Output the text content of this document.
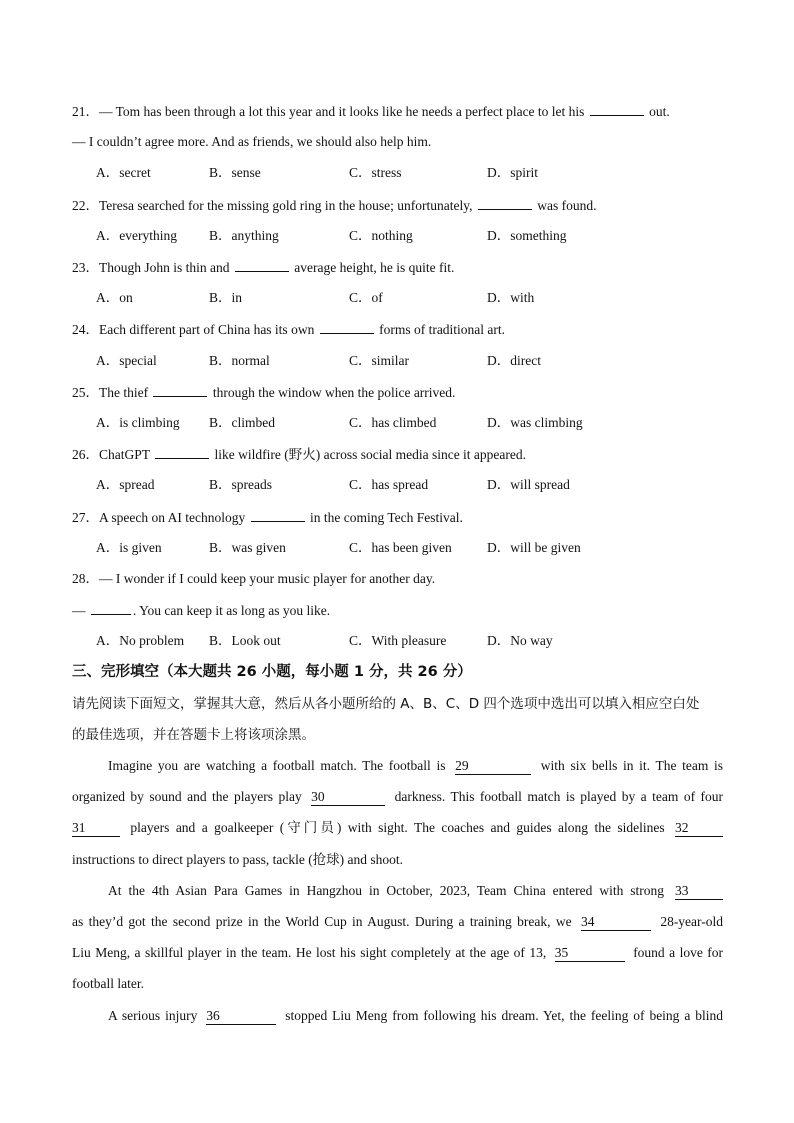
21．— Tom has been through a lot this year and it looks like he needs a perfect place to let his	out.
— I couldn’t agree more. And as friends, we should also help him.
A．secret	B．sense	C．stress	D．spirit
22．Teresa searched for the missing gold ring in the house; unfortunately,	was found.
A．everything B．anything	C．nothing	D．something
23．Though John is thin and	average height, he is quite fit.
A．on	B．in	C．of	D．with
24．Each different part of China has its own	forms of traditional art.
A．special	B．normal	C．similar	D．direct
25．The thief	through the window when the police arrived.
A．is climbing B．climbed	C．has climbed	D．was climbing
26．ChatGPT	like wildfire (野火) across social media since it appeared.
A．spread	B．spreads	C．has spread	D．will spread
27．A speech on AI technology	in the coming Tech Festival.
A．is given	B．was given	C．has been given	D．will be given
28．— I wonder if I could keep your music player for another day.
—	. You can keep it as long as you like.
A．No problem B．Look out	C．With pleasure	D．No way
三、完形填空（本大题共 26 小题，每小题 1 分，共 26 分）
请先阅读下面短文，掌握其大意，然后从各小题所给的 A、B、C、D 四个选项中选出可以填入相应空白处
的最佳选项，并在答题卡上将该项涂黑。
Imagine you are watching a football match. The football is 29	with six bells in it. The team is
organized by sound and the players play 30	darkness. This football match is played by a team of four
31	players and a goalkeeper (守门员) with sight. The coaches and guides along the sidelines 32
instructions to direct players to pass, tackle (抢球) and shoot.
At the 4th Asian Para Games in Hangzhou in October, 2023, Team China entered with strong 33
as they’d got the second prize in the World Cup in August. During a training break, we 34	28-year-old
Liu Meng, a skillful player in the team. He lost his sight completely at the age of 13, 35	found a love for
football later.
A serious injury 36	stopped Liu Meng from following his dream. Yet, the feeling of being a blind
